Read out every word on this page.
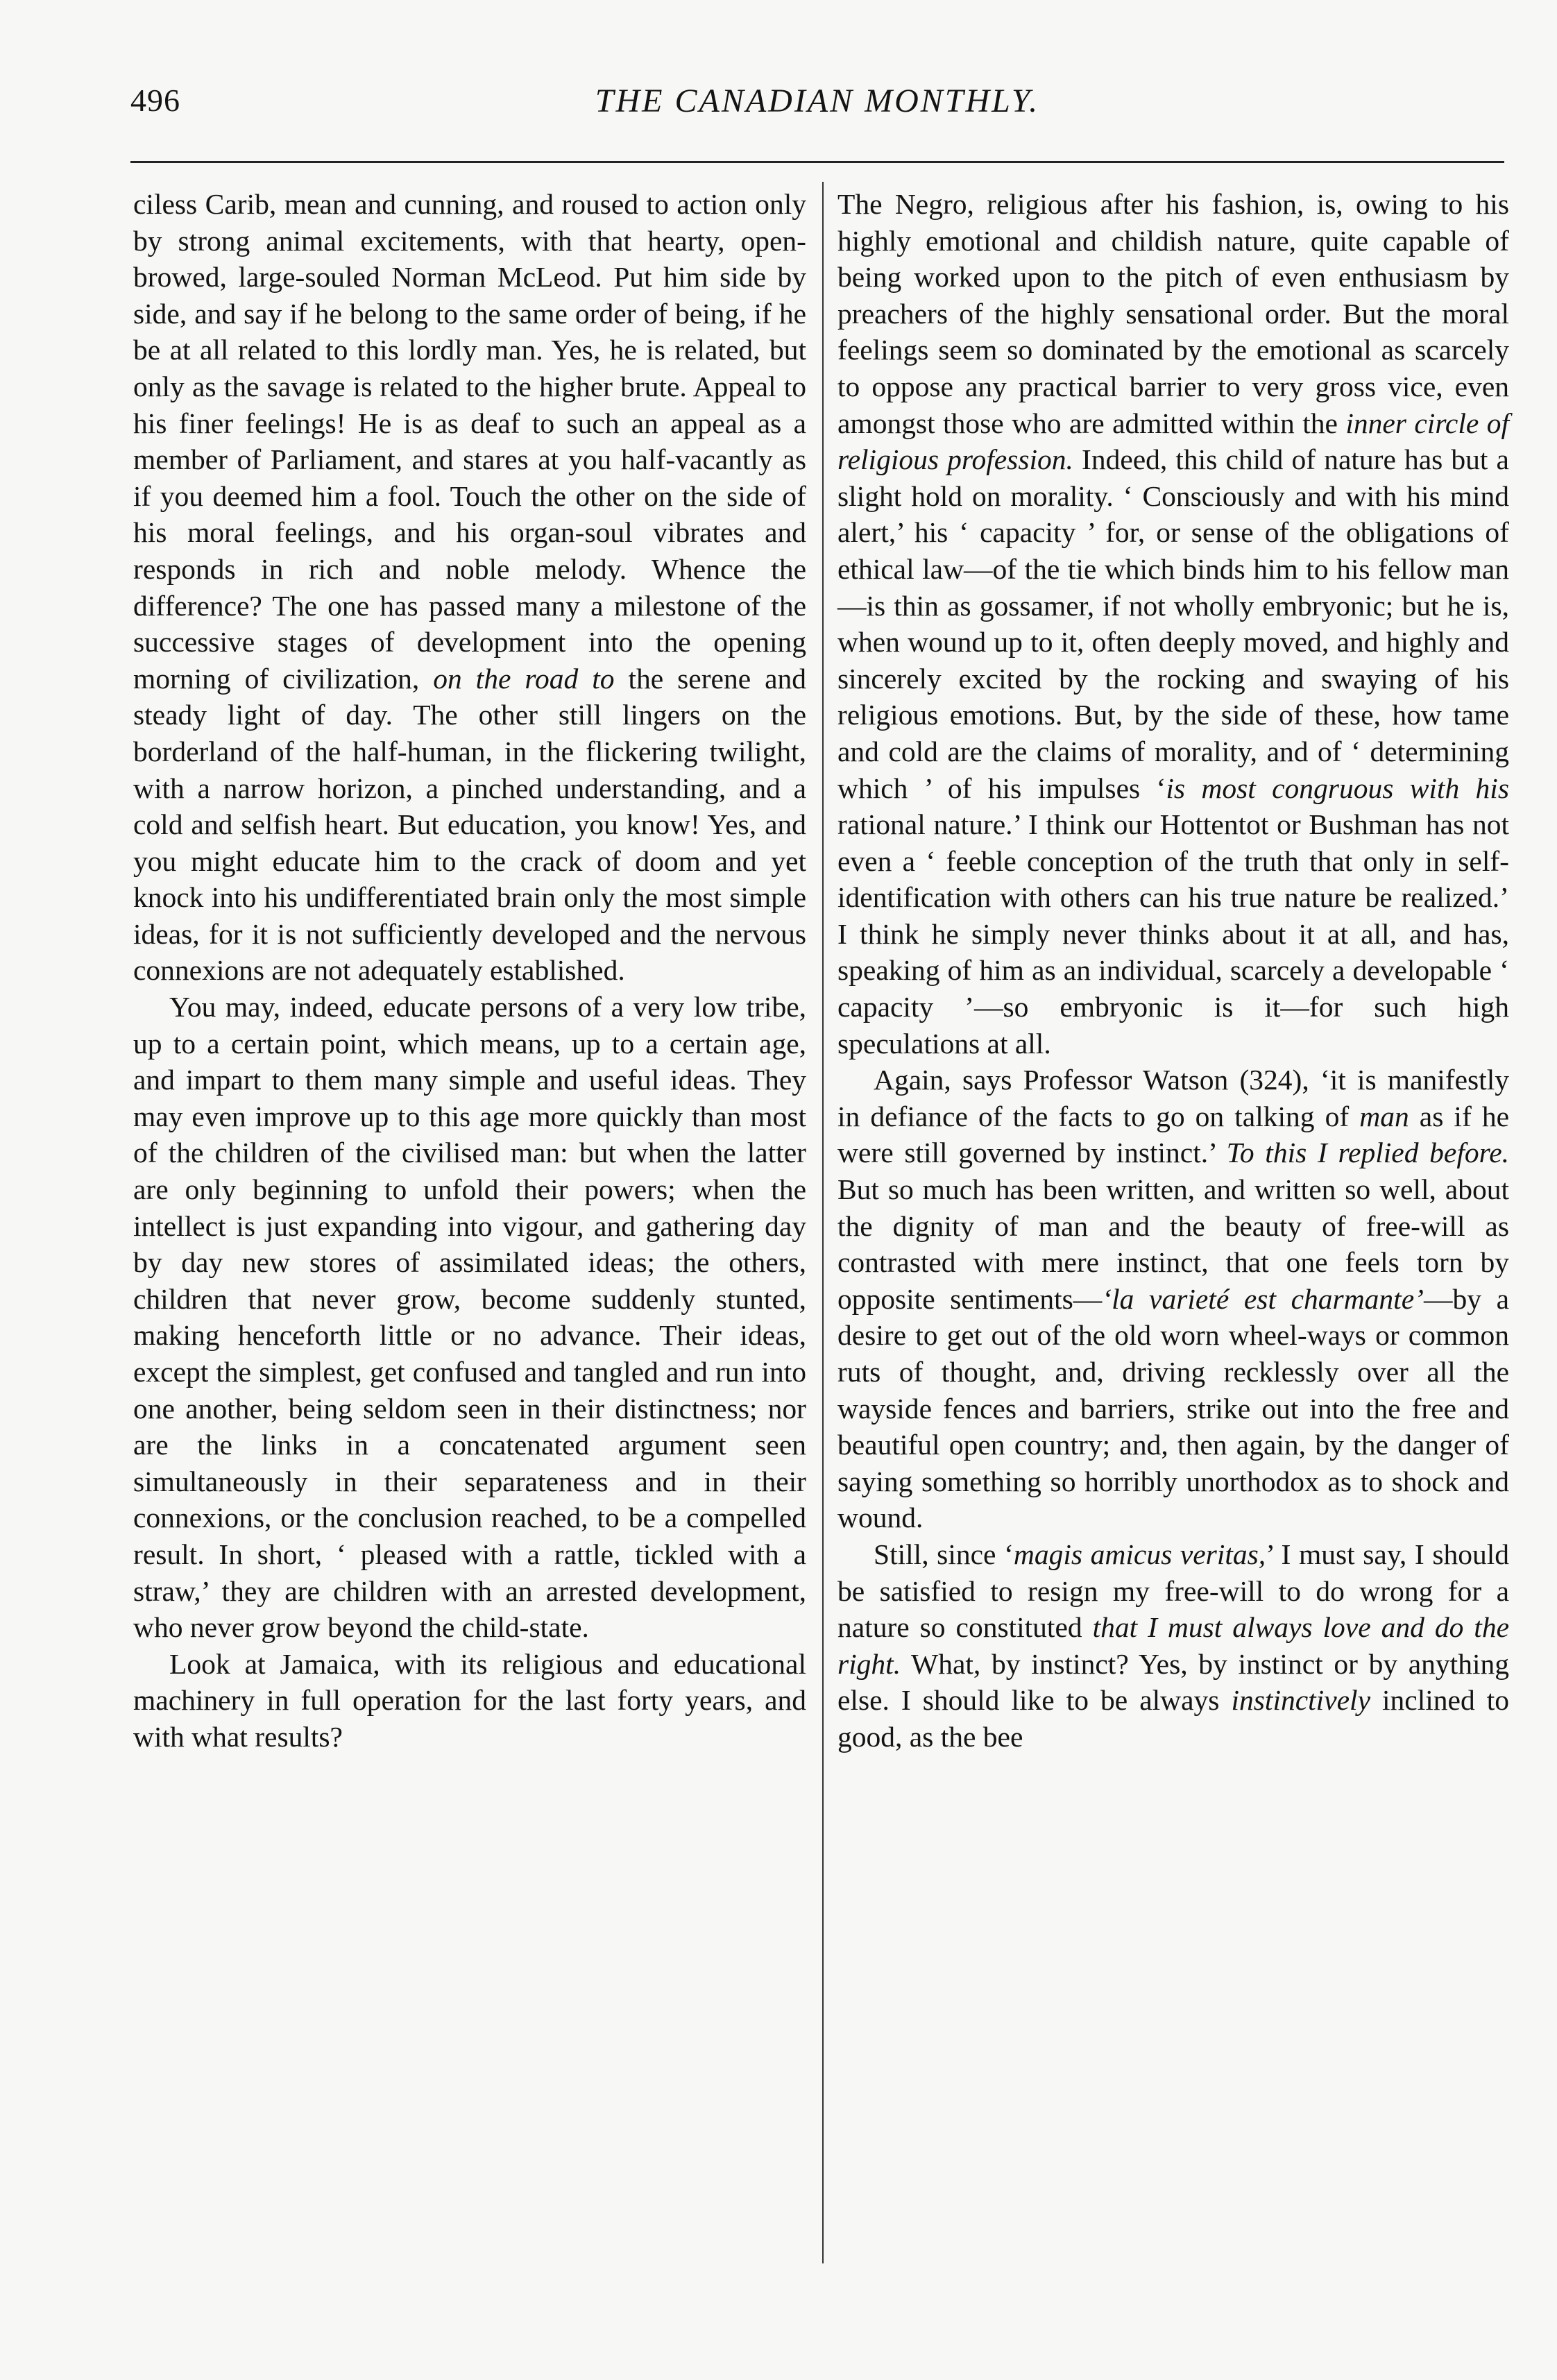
496	THE CANADIAN MONTHLY.

ciless Carib, mean and cunning, and roused to action only by strong animal excitements, with that hearty, open-browed, large-souled Norman McLeod. Put him side by side, and say if he belong to the same order of being, if he be at all related to this lordly man. Yes, he is related, but only as the savage is related to the higher brute. Appeal to his finer feelings! He is as deaf to such an appeal as a member of Parliament, and stares at you half-vacantly as if you deemed him a fool. Touch the other on the side of his moral feelings, and his organ-soul vibrates and responds in rich and noble melody. Whence the difference? The one has passed many a milestone of the successive stages of development into the opening morning of civilization, on the road to the serene and steady light of day. The other still lingers on the borderland of the half-human, in the flickering twilight, with a narrow horizon, a pinched understanding, and a cold and selfish heart. But education, you know! Yes, and you might educate him to the crack of doom and yet knock into his undifferentiated brain only the most simple ideas, for it is not sufficiently developed and the nervous connexions are not adequately established.

You may, indeed, educate persons of a very low tribe, up to a certain point, which means, up to a certain age, and impart to them many simple and useful ideas. They may even improve up to this age more quickly than most of the children of the civilised man: but when the latter are only beginning to unfold their powers; when the intellect is just expanding into vigour, and gathering day by day new stores of assimilated ideas; the others, children that never grow, become suddenly stunted, making henceforth little or no advance. Their ideas, except the simplest, get confused and tangled and run into one another, being seldom seen in their distinctness; nor are the links in a concatenated argument seen simultaneously in their separateness and in their connexions, or the conclusion reached, to be a compelled result. In short, ‘ pleased with a rattle, tickled with a straw,’ they are children with an arrested development, who never grow beyond the child-state.

Look at Jamaica, with its religious and educational machinery in full operation for the last forty years, and with what results?

The Negro, religious after his fashion, is, owing to his highly emotional and childish nature, quite capable of being worked upon to the pitch of even enthusiasm by preachers of the highly sensational order. But the moral feelings seem so dominated by the emotional as scarcely to oppose any practical barrier to very gross vice, even amongst those who are admitted within the inner circle of religious profession. Indeed, this child of nature has but a slight hold on morality. ‘ Consciously and with his mind alert,’ his ‘ capacity ’ for, or sense of the obligations of ethical law—of the tie which binds him to his fellow man—is thin as gossamer, if not wholly embryonic; but he is, when wound up to it, often deeply moved, and highly and sincerely excited by the rocking and swaying of his religious emotions. But, by the side of these, how tame and cold are the claims of morality, and of ‘ determining which ’ of his impulses ‘is most congruous with his rational nature.’ I think our Hottentot or Bushman has not even a ‘ feeble conception of the truth that only in self-identification with others can his true nature be realized.’ I think he simply never thinks about it at all, and has, speaking of him as an individual, scarcely a developable ‘ capacity ’—so embryonic is it—for such high speculations at all.

Again, says Professor Watson (324), ‘it is manifestly in defiance of the facts to go on talking of man as if he were still governed by instinct.’ To this I replied before. But so much has been written, and written so well, about the dignity of man and the beauty of free-will as contrasted with mere instinct, that one feels torn by opposite sentiments—‘la varieté est charmante’—by a desire to get out of the old worn wheel-ways or common ruts of thought, and, driving recklessly over all the wayside fences and barriers, strike out into the free and beautiful open country; and, then again, by the danger of saying something so horribly unorthodox as to shock and wound.

Still, since ‘magis amicus veritas,’ I must say, I should be satisfied to resign my free-will to do wrong for a nature so constituted that I must always love and do the right. What, by instinct? Yes, by instinct or by anything else. I should like to be always instinctively inclined to good, as the bee
